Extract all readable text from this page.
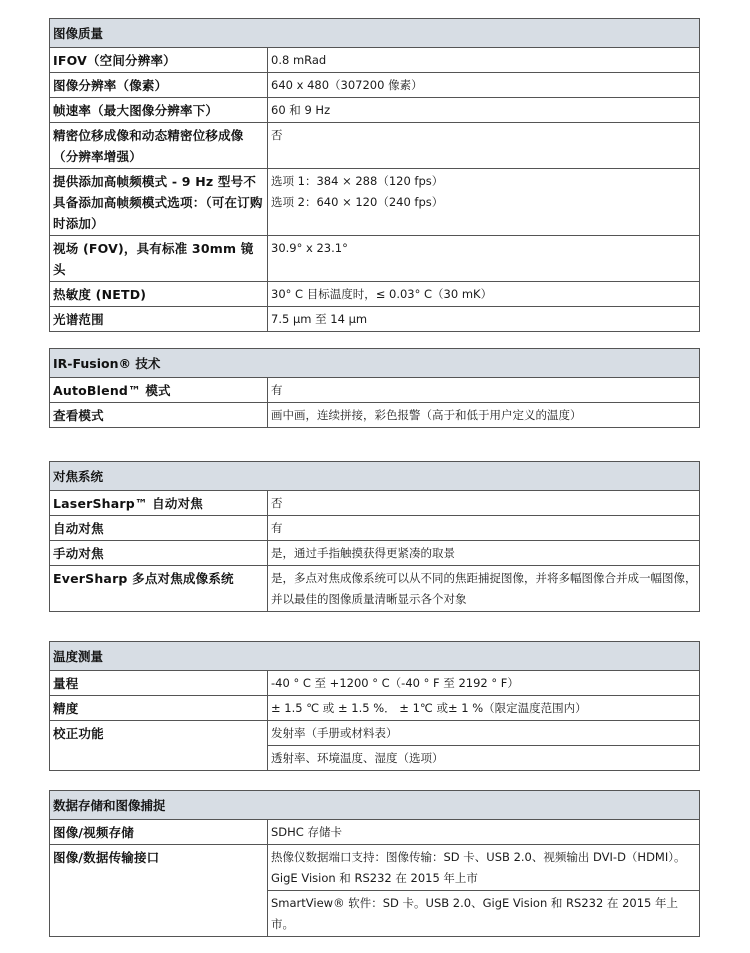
图像质量	
IFOV（空间分辨率）	0.8 mRad

图像分辨率（像素）	640 x 480（307200 像素）

帧速率（最大图像分辨率下）	60 和 9 Hz

精密位移成像和动态精密位移成像（分辨率增强）	否

提供添加高帧频模式 - 9 Hz 型号不具备添加高帧频模式选项：（可在订购时添加）	选项 1：384 × 288（120 fps）
选项 2：640 × 120（240 fps）

视场 (FOV)，具有标准 30mm 镜头	30.9° x 23.1°

热敏度 (NETD)	30° C 目标温度时，≤ 0.03° C（30 mK）

光谱范围	7.5 μm 至 14 μm
IR-Fusion® 技术	
AutoBlend™ 模式	有

查看模式	画中画，连续拼接，彩色报警（高于和低于用户定义的温度）
对焦系统	
LaserSharp™ 自动对焦	否

自动对焦	有

手动对焦	是，通过手指触摸获得更紧凑的取景

EverSharp 多点对焦成像系统	是，多点对焦成像系统可以从不同的焦距捕捉图像，并将多幅图像合并成一幅图像，并以最佳的图像质量清晰显示各个对象
温度测量	
量程	-40 ° C 至 +1200 ° C（-40 ° F 至 2192 ° F）
精度	± 1.5 ℃ 或 ± 1.5 %． ± 1℃ 或± 1 %（限定温度范围内）
校正功能	发射率（手册或材料表）
	透射率、环境温度、湿度（选项）
数据存储和图像捕捉	
图像/视频存储	SDHC 存储卡
图像/数据传输接口	热像仪数据端口支持：图像传输：SD 卡、USB 2.0、视频输出 DVI-D（HDMI）。GigE Vision 和 RS232 在 2015 年上市
	SmartView® 软件：SD 卡。USB 2.0、GigE Vision 和 RS232 在 2015 年上市。
